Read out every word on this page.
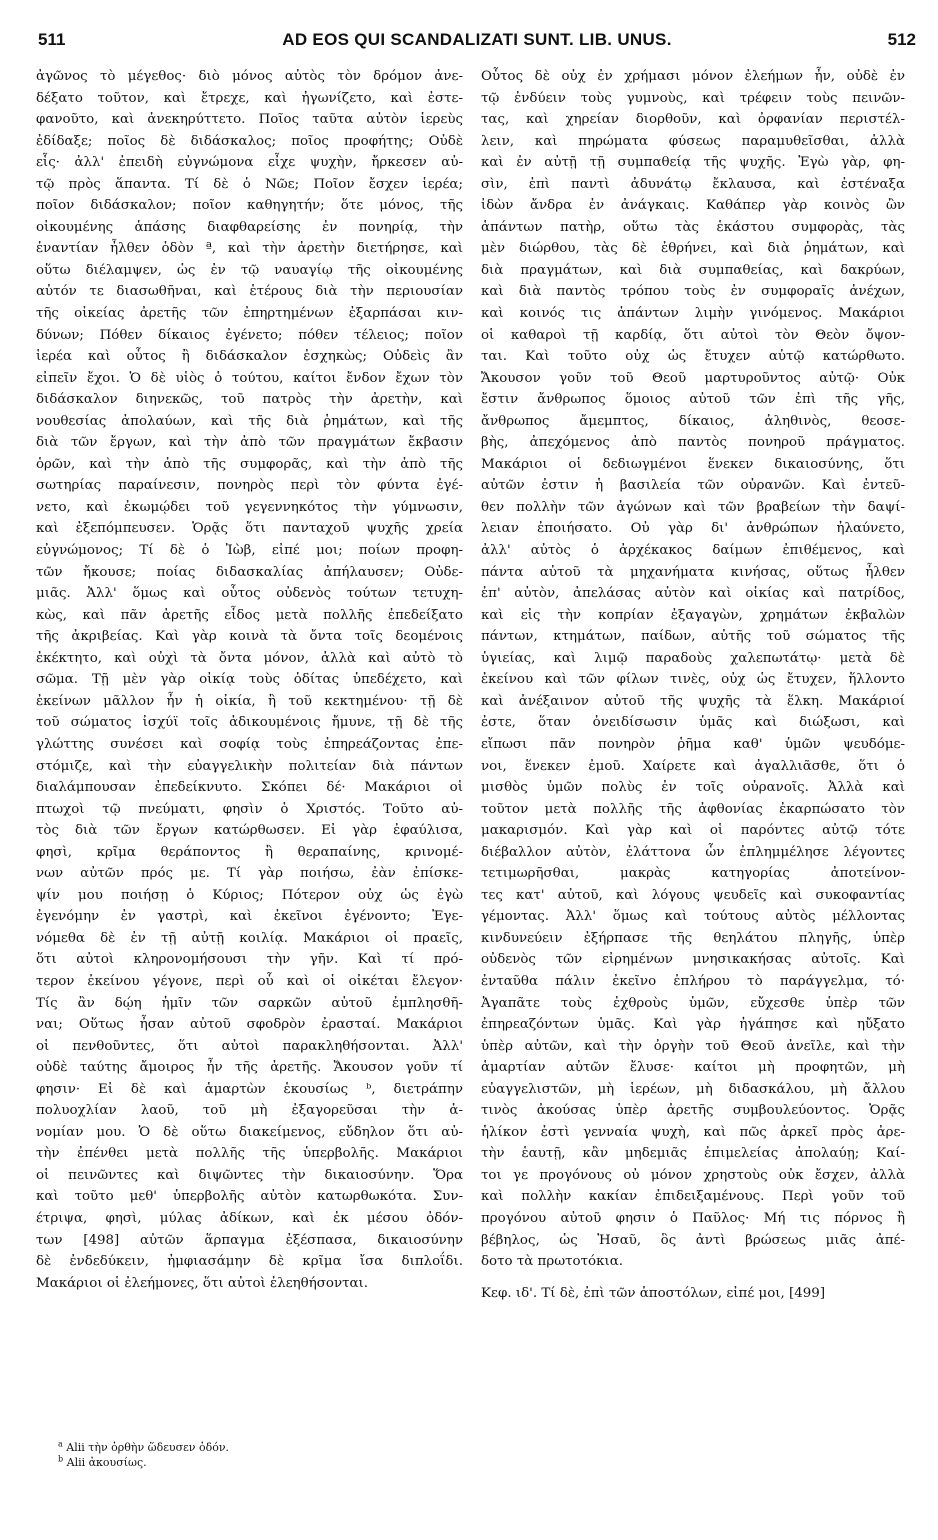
511	AD EOS QUI SCANDALIZATI SUNT. LIB. UNUS.	512
ἀγῶνος τὸ μέγεθος· διὸ μόνος αὐτὸς τὸν δρόμον ἀνε-
δέξατο τοῦτον, καὶ ἔτρεχε, καὶ ἠγωνίζετο, καὶ ἐστε-
φανοῦτο, καὶ ἀνεκηρύττετο. Ποῖος ταῦτα αὐτὸν ἱερεὺς
ἐδίδαξε; ποῖος δὲ διδάσκαλος; ποῖος προφήτης; Οὐδὲ
εἷς· ἀλλ' ἐπειδὴ εὐγνώμονα εἶχε ψυχὴν, ἤρκεσεν αὐ-
τῷ πρὸς ἅπαντα. Τί δὲ ὁ Νῶε; Ποῖον ἔσχεν ἱερέα;
ποῖον διδάσκαλον; ποῖον καθηγητήν; ὅτε μόνος, τῆς
οἰκουμένης ἁπάσης διαφθαρείσης ἐν πονηρίᾳ, τὴν
ἐναντίαν ἦλθεν ὁδὸν ª, καὶ τὴν ἀρετὴν διετήρησε, καὶ
οὕτω διέλαμψεν, ὡς ἐν τῷ ναυαγίῳ τῆς οἰκουμένης
αὐτόν τε διασωθῆναι, καὶ ἑτέρους διὰ τὴν περιουσίαν
τῆς οἰκείας ἀρετῆς τῶν ἐπηρτημένων ἐξαρπάσαι κιν-
δύνων; Πόθεν δίκαιος ἐγένετο; πόθεν τέλειος; ποῖον
ἱερέα καὶ οὗτος ἢ διδάσκαλον ἐσχηκὼς; Οὐδεὶς ἂν
εἰπεῖν ἔχοι. Ὁ δὲ υἱὸς ὁ τούτου, καίτοι ἔνδον ἔχων τὸν
διδάσκαλον διηνεκῶς, τοῦ πατρὸς τὴν ἀρετὴν, καὶ
νουθεσίας ἀπολαύων, καὶ τῆς διὰ ῥημάτων, καὶ τῆς
διὰ τῶν ἔργων, καὶ τὴν ἀπὸ τῶν πραγμάτων ἔκβασιν
ὁρῶν, καὶ τὴν ἀπὸ τῆς συμφορᾶς, καὶ τὴν ἀπὸ τῆς
σωτηρίας παραίνεσιν, πονηρὸς περὶ τὸν φύντα ἐγέ-
νετο, καὶ ἐκωμῴδει τοῦ γεγεννηκότος τὴν γύμνωσιν,
καὶ ἐξεπόμπευσεν. Ὁρᾷς ὅτι πανταχοῦ ψυχῆς χρεία
εὐγνώμονος; Τί δὲ ὁ Ἰὼβ, εἰπέ μοι; ποίων προφη-
τῶν ἤκουσε; ποίας διδασκαλίας ἀπήλαυσεν; Οὐδε-
μιᾶς. Ἀλλ' ὅμως καὶ οὗτος οὐδενὸς τούτων τετυχη-
κὼς, καὶ πᾶν ἀρετῆς εἶδος μετὰ πολλῆς ἐπεδείξατο
τῆς ἀκριβείας. Καὶ γὰρ κοινὰ τὰ ὄντα τοῖς δεομένοις
ἐκέκτητο, καὶ οὐχὶ τὰ ὄντα μόνον, ἀλλὰ καὶ αὐτὸ τὸ
σῶμα. Τῇ μὲν γὰρ οἰκίᾳ τοὺς ὁδίτας ὑπεδέχετο, καὶ
ἐκείνων μᾶλλον ἦν ἡ οἰκία, ἢ τοῦ κεκτημένου· τῇ δὲ
τοῦ σώματος ἰσχύϊ τοῖς ἀδικουμένοις ἤμυνε, τῇ δὲ τῆς
γλώττης συνέσει καὶ σοφίᾳ τοὺς ἐπηρεάζοντας ἐπε-
στόμιζε, καὶ τὴν εὐαγγελικὴν πολιτείαν διὰ πάντων
διαλάμπουσαν ἐπεδείκνυτο. Σκόπει δέ· Μακάριοι οἱ
πτωχοὶ τῷ πνεύματι, φησὶν ὁ Χριστός. Τοῦτο αὐ-
τὸς διὰ τῶν ἔργων κατώρθωσεν. Εἰ γὰρ ἐφαύλισα,
φησὶ, κρῖμα θεράποντος ἢ θεραπαίνης, κρινομέ-
νων αὐτῶν πρός με. Τί γὰρ ποιήσω, ἐὰν ἐπίσκε-
ψίν μου ποιήσῃ ὁ Κύριος; Πότερον οὐχ ὡς ἐγὼ
ἐγενόμην ἐν γαστρὶ, καὶ ἐκεῖνοι ἐγένοντο; Ἐγε-
νόμεθα δὲ ἐν τῇ αὐτῇ κοιλίᾳ. Μακάριοι οἱ πραεῖς,
ὅτι αὐτοὶ κληρονομήσουσι τὴν γῆν. Καὶ τί πρό-
τερον ἐκείνου γέγονε, περὶ οὗ καὶ οἱ οἰκέται ἔλεγον·
Τίς ἂν δῴη ἡμῖν τῶν σαρκῶν αὐτοῦ ἐμπλησθῆ-
ναι; Οὕτως ἦσαν αὐτοῦ σφοδρὸν ἐρασταί. Μακάριοι
οἱ πενθοῦντες, ὅτι αὐτοὶ παρακληθήσονται. Ἀλλ'
οὐδὲ ταύτης ἄμοιρος ἦν τῆς ἀρετῆς. Ἄκουσον γοῦν τί
φησιν· Εἰ δὲ καὶ ἁμαρτὼν ἑκουσίως ᵇ, διετράπην
πολυοχλίαν λαοῦ, τοῦ μὴ ἐξαγορεῦσαι τὴν ἀ-
νομίαν μου. Ὁ δὲ οὕτω διακείμενος, εὔδηλον ὅτι αὐ-
τὴν ἐπένθει μετὰ πολλῆς τῆς ὑπερβολῆς. Μακάριοι
οἱ πεινῶντες καὶ διψῶντες τὴν δικαιοσύνην. Ὅρα
καὶ τοῦτο μεθ' ὑπερβολῆς αὐτὸν κατωρθωκότα. Συν-
έτριψα, φησὶ, μύλας ἀδίκων, καὶ ἐκ μέσου ὀδόν-
των [498] αὐτῶν ἅρπαγμα ἐξέσπασα, δικαιοσύνην
δὲ ἐνδεδύκειν, ἠμφιασάμην δὲ κρῖμα ἴσα διπλοΐδι.
Μακάριοι οἱ ἐλεήμονες, ὅτι αὐτοὶ ἐλεηθήσονται.
Οὗτος δὲ οὐχ ἐν χρήμασι μόνον ἐλεήμων ἦν, οὐδὲ ἐν
τῷ ἐνδύειν τοὺς γυμνοὺς, καὶ τρέφειν τοὺς πεινῶν-
τας, καὶ χηρείαν διορθοῦν, καὶ ὀρφανίαν περιστέλ-
λειν, καὶ πηρώματα φύσεως παραμυθεῖσθαι, ἀλλὰ
καὶ ἐν αὐτῇ τῇ συμπαθείᾳ τῆς ψυχῆς. Ἐγὼ γὰρ, φη-
σὶν, ἐπὶ παντὶ ἀδυνάτῳ ἔκλαυσα, καὶ ἐστέναξα
ἰδὼν ἄνδρα ἐν ἀνάγκαις. Καθάπερ γὰρ κοινὸς ὢν
ἁπάντων πατὴρ, οὕτω τὰς ἑκάστου συμφορὰς, τὰς
μὲν διώρθου, τὰς δὲ ἐθρήνει, καὶ διὰ ῥημάτων, καὶ
διὰ πραγμάτων, καὶ διὰ συμπαθείας, καὶ δακρύων,
καὶ διὰ παντὸς τρόπου τοὺς ἐν συμφοραῖς ἀνέχων,
καὶ κοινός τις ἁπάντων λιμὴν γινόμενος. Μακάριοι
οἱ καθαροὶ τῇ καρδίᾳ, ὅτι αὐτοὶ τὸν Θεὸν ὄψον-
ται. Καὶ τοῦτο οὐχ ὡς ἔτυχεν αὐτῷ κατώρθωτο.
Ἄκουσον γοῦν τοῦ Θεοῦ μαρτυροῦντος αὐτῷ· Οὐκ
ἔστιν ἄνθρωπος ὅμοιος αὐτοῦ τῶν ἐπὶ τῆς γῆς,
ἄνθρωπος ἄμεμπτος, δίκαιος, ἀληθινὸς, θεοσε-
βὴς, ἀπεχόμενος ἀπὸ παντὸς πονηροῦ πράγματος.
Μακάριοι οἱ δεδιωγμένοι ἕνεκεν δικαιοσύνης, ὅτι
αὐτῶν ἐστιν ἡ βασιλεία τῶν οὐρανῶν. Καὶ ἐντεῦ-
θεν πολλὴν τῶν ἀγώνων καὶ τῶν βραβείων τὴν δαψί-
λειαν ἐποιήσατο. Οὐ γὰρ δι' ἀνθρώπων ἠλαύνετο,
ἀλλ' αὐτὸς ὁ ἀρχέκακος δαίμων ἐπιθέμενος, καὶ
πάντα αὐτοῦ τὰ μηχανήματα κινήσας, οὕτως ἦλθεν
ἐπ' αὐτὸν, ἀπελάσας αὐτὸν καὶ οἰκίας καὶ πατρίδος,
καὶ εἰς τὴν κοπρίαν ἐξαγαγὼν, χρημάτων ἐκβαλὼν
πάντων, κτημάτων, παίδων, αὐτῆς τοῦ σώματος τῆς
ὑγιείας, καὶ λιμῷ παραδοὺς χαλεπωτάτῳ· μετὰ δὲ
ἐκείνου καὶ τῶν φίλων τινὲς, οὐχ ὡς ἔτυχεν, ἥλλοντο
καὶ ἀνέξαινον αὐτοῦ τῆς ψυχῆς τὰ ἕλκη. Μακάριοί
ἐστε, ὅταν ὀνειδίσωσιν ὑμᾶς καὶ διώξωσι, καὶ
εἴπωσι πᾶν πονηρὸν ῥῆμα καθ' ὑμῶν ψευδόμε-
νοι, ἕνεκεν ἐμοῦ. Χαίρετε καὶ ἀγαλλιᾶσθε, ὅτι ὁ
μισθὸς ὑμῶν πολὺς ἐν τοῖς οὐρανοῖς. Ἀλλὰ καὶ
τοῦτον μετὰ πολλῆς τῆς ἀφθονίας ἐκαρπώσατο τὸν
μακαρισμόν. Καὶ γὰρ καὶ οἱ παρόντες αὐτῷ τότε
διέβαλλον αὐτὸν, ἐλάττονα ὧν ἐπλημμέλησε λέγοντες
τετιμωρῆσθαι, μακρὰς κατηγορίας ἀποτείνον-
τες κατ' αὐτοῦ, καὶ λόγους ψευδεῖς καὶ συκοφαντίας
γέμοντας. Ἀλλ' ὅμως καὶ τούτους αὐτὸς μέλλοντας
κινδυνεύειν ἐξήρπασε τῆς θεηλάτου πληγῆς, ὑπὲρ
οὐδενὸς τῶν εἰρημένων μνησικακήσας αὐτοῖς. Καὶ
ἐνταῦθα πάλιν ἐκεῖνο ἐπλήρου τὸ παράγγελμα, τό·
Ἀγαπᾶτε τοὺς ἐχθροὺς ὑμῶν, εὔχεσθε ὑπὲρ τῶν
ἐπηρεαζόντων ὑμᾶς. Καὶ γὰρ ἠγάπησε καὶ ηὔξατο
ὑπὲρ αὐτῶν, καὶ τὴν ὀργὴν τοῦ Θεοῦ ἀνεῖλε, καὶ τὴν
ἁμαρτίαν αὐτῶν ἔλυσε· καίτοι μὴ προφητῶν, μὴ
εὐαγγελιστῶν, μὴ ἱερέων, μὴ διδασκάλου, μὴ ἄλλου
τινὸς ἀκούσας ὑπὲρ ἀρετῆς συμβουλεύοντος. Ὁρᾷς
ἡλίκον ἐστὶ γενναία ψυχὴ, καὶ πῶς ἀρκεῖ πρὸς ἀρε-
τὴν ἑαυτῇ, κἂν μηδεμιᾶς ἐπιμελείας ἀπολαύῃ; Καί-
τοι γε προγόνους οὐ μόνον χρηστοὺς οὐκ ἔσχεν, ἀλλὰ
καὶ πολλὴν κακίαν ἐπιδειξαμένους. Περὶ γοῦν τοῦ
προγόνου αὐτοῦ φησιν ὁ Παῦλος· Μή τις πόρνος ἢ
βέβηλος, ὡς Ἠσαῦ, ὃς ἀντὶ βρώσεως μιᾶς ἀπέ-
δοτο τὰ πρωτοτόκια.
Κεφ. ιδ'. Τί δὲ, ἐπὶ τῶν ἀποστόλων, εἰπέ μοι, [499]
$^a$ Alii τὴν ὀρθὴν ὥδευσεν ὁδόν.
$^b$ Alii ἀκουσίως.
